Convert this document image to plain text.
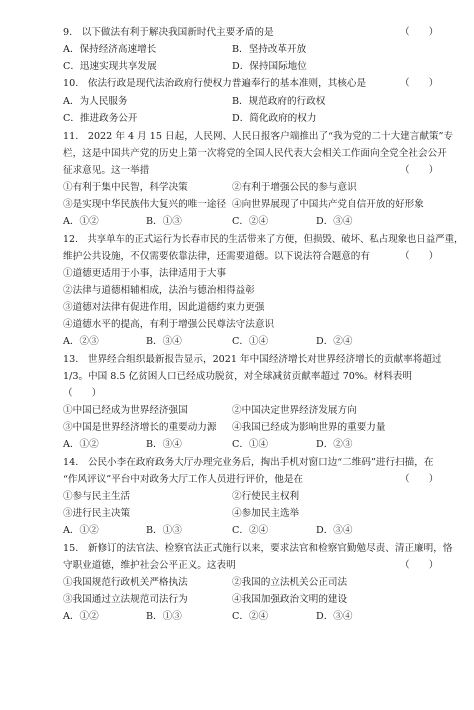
9.　以下做法有利于解决我国新时代主要矛盾的是	（　　）
A．保持经济高速增长	B．坚持改革开放
C．迅速实现共享发展	D．保持国际地位
10.　依法行政是现代法治政府行使权力普遍奉行的基本准则，其核心是	（　　）
A．为人民服务	B．规范政府的行政权
C．推进政务公开	D．简化政府的权力
11.　2022 年 4 月 15 日起，人民网、人民日报客户端推出了“我为党的二十大建言献策”专
栏，这是中国共产党的历史上第一次将党的全国人民代表大会相关工作面向全党全社会公开
征求意见。这一举措	（　　）
①有利于集中民智，科学决策	②有利于增强公民的参与意识
③是实现中华民族伟大复兴的唯一途径 ④向世界展现了中国共产党自信开放的好形象
A．①②	B．①③	C．②④	D．③④
12.　共享单车的正式运行为长春市民的生活带来了方便，但损毁、破坏、私占现象也日益严重，
维护公共设施，不仅需要依靠法律，还需要道德。以下说法符合题意的有	（　　）
①道德更适用于小事，法律适用于大事
②法律与道德相辅相成，法治与德治相得益彰
③道德对法律有促进作用，因此道德约束力更强
④道德水平的提高，有利于增强公民尊法守法意识
A．②③	B．③④	C．①④	D．②④
13.　世界经合组织最新报告显示，2021 年中国经济增长对世界经济增长的贡献率将超过
1/3。中国 8.5 亿贫困人口已经成功脱贫，对全球减贫贡献率超过 70%。材料表明
（　　）
①中国已经成为世界经济强国	②中国决定世界经济发展方向
③中国是世界经济增长的重要动力源 ④我国已经成为影响世界的重要力量
A．①②	B．③④	C．①④	D．②③
14.　公民小李在政府政务大厅办理完业务后，掏出手机对窗口边“二维码”进行扫描，在
“作风评议”平台中对政务大厅工作人员进行评价，他是在	（　　）
①参与民主生活	②行使民主权利
③进行民主决策	④参加民主选举
A．①②	B．①③	C．②④	D．③④
15.　新修订的法官法、检察官法正式施行以来，要求法官和检察官勤勉尽责、清正廉明，恪
守职业道德，维护社会公平正义。这表明	（　　）
①我国规范行政机关严格执法	②我国的立法机关公正司法
③我国通过立法规范司法行为	④我国加强政治文明的建设
A．①②	B．①③	C．②④	D．③④
